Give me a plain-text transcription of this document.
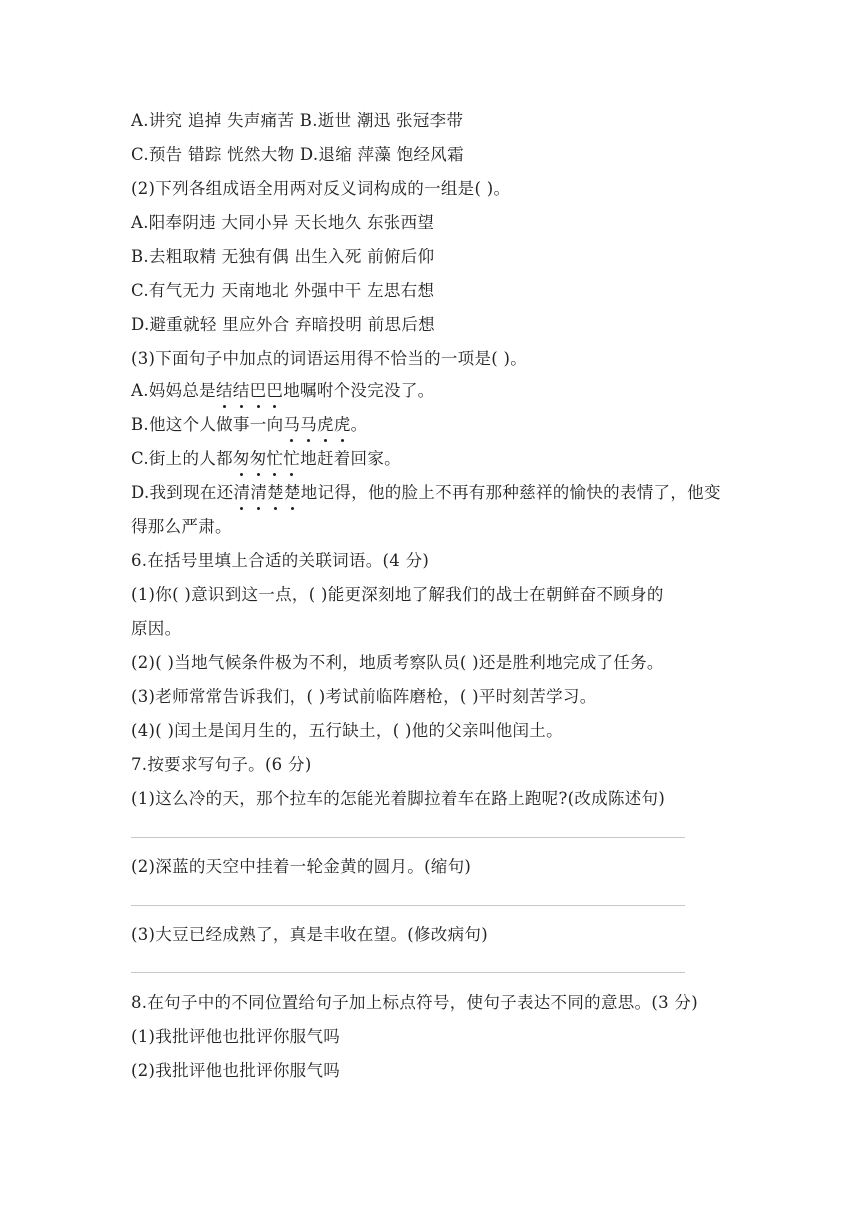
A.讲究 追掉 失声痛苦 B.逝世 潮迅 张冠李带
C.预告 错踪 恍然大物 D.退缩 萍藻 饱经风霜
(2)下列各组成语全用两对反义词构成的一组是( )。
A.阳奉阴违 大同小异 天长地久 东张西望
B.去粗取精 无独有偶 出生入死 前俯后仰
C.有气无力 天南地北 外强中干 左思右想
D.避重就轻 里应外合 弃暗投明 前思后想
(3)下面句子中加点的词语运用得不恰当的一项是( )。
A.妈妈总是结结巴巴地嘱咐个没完没了。
B.他这个人做事一向马马虎虎。
C.街上的人都匆匆忙忙地赶着回家。
D.我到现在还清清楚楚地记得，他的脸上不再有那种慈祥的愉快的表情了，他变
得那么严肃。
6.在括号里填上合适的关联词语。(4 分)
(1)你( )意识到这一点，( )能更深刻地了解我们的战士在朝鲜奋不顾身的
原因。
(2)( )当地气候条件极为不利，地质考察队员( )还是胜利地完成了任务。
(3)老师常常告诉我们，( )考试前临阵磨枪，( )平时刻苦学习。
(4)( )闰土是闰月生的，五行缺土，( )他的父亲叫他闰土。
7.按要求写句子。(6 分)
(1)这么冷的天，那个拉车的怎能光着脚拉着车在路上跑呢?(改成陈述句)
(2)深蓝的天空中挂着一轮金黄的圆月。(缩句)
(3)大豆已经成熟了，真是丰收在望。(修改病句)
8.在句子中的不同位置给句子加上标点符号，使句子表达不同的意思。(3 分)
(1)我批评他也批评你服气吗
(2)我批评他也批评你服气吗
